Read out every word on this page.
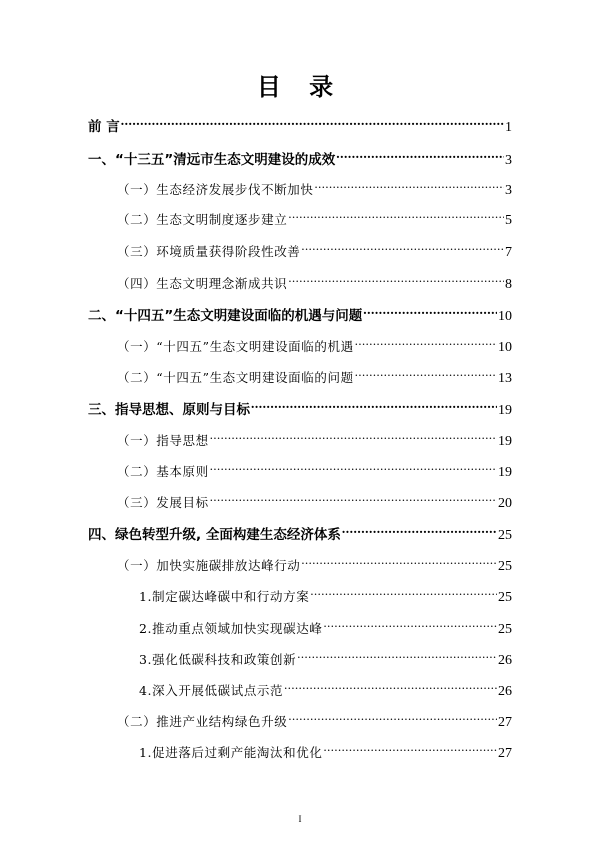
目 录
前 言 .....	1
一、“十三五”清远市生态文明建设的成效 .....	3
（一）生态经济发展步伐不断加快 .....	3
（二）生态文明制度逐步建立 .....	5
（三）环境质量获得阶段性改善 .....	7
（四）生态文明理念渐成共识 .....	8
二、“十四五”生态文明建设面临的机遇与问题 .....	10
（一）“十四五”生态文明建设面临的机遇 .....	10
（二）“十四五”生态文明建设面临的问题 .....	13
三、指导思想、原则与目标 .....	19
（一）指导思想 .....	19
（二）基本原则 .....	19
（三）发展目标 .....	20
四、绿色转型升级, 全面构建生态经济体系 .....	25
（一）加快实施碳排放达峰行动 .....	25
1.制定碳达峰碳中和行动方案 .....	25
2.推动重点领域加快实现碳达峰 .....	25
3.强化低碳科技和政策创新 .....	26
4.深入开展低碳试点示范 .....	26
（二）推进产业结构绿色升级 .....	27
1.促进落后过剩产能淘汰和优化 .....	27
I
